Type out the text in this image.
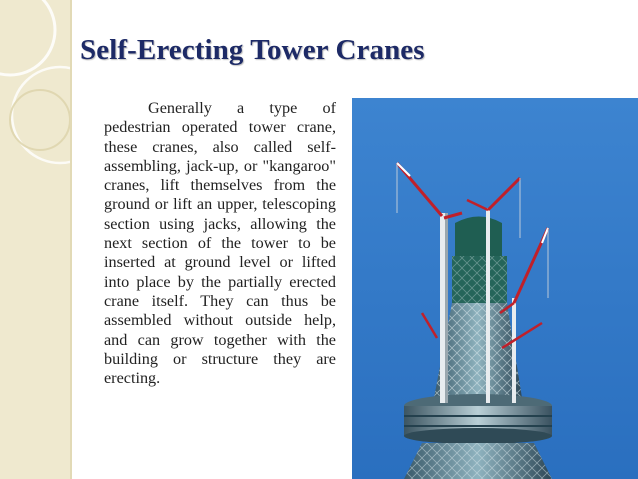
Self-Erecting Tower Cranes

Generally a type of pedestrian operated tower crane, these cranes, also called self-assembling, jack-up, or "kangaroo" cranes, lift themselves from the ground or lift an upper, telescoping section using jacks, allowing the next section of the tower to be inserted at ground level or lifted into place by the partially erected crane itself. They can thus be assembled without outside help, and can grow together with the building or structure they are erecting.
